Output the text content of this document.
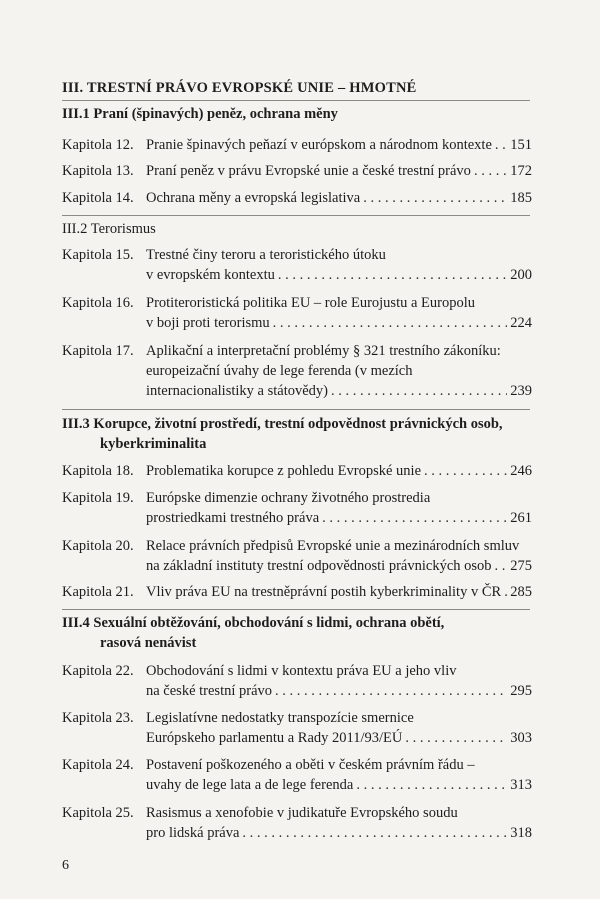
III. TRESTNÍ PRÁVO EVROPSKÉ UNIE – HMOTNÉ
III.1 Praní (špinavých) peněz, ochrana měny
Kapitola 12. Pranie špinavých peňazí v európskom a národnom kontexte . . . 151
Kapitola 13. Praní peněz v právu Evropské unie a české trestní právo . . .	172
Kapitola 14. Ochrana měny a evropská legislativa . . .	185
III.2 Terorismus
Kapitola 15. Trestné činy teroru a teroristického útoku
v evropském kontextu . . .	200
Kapitola 16. Protiteroristická politika EU – role Eurojustu a Europolu
v boji proti terorismu . . .	224
Kapitola 17. Aplikační a interpretační problémy § 321 trestního zákoníku:
europeizační úvahy de lege ferenda (v mezích
internacionalistiky a státovědy) . . .	239
III.3 Korupce, životní prostředí, trestní odpovědnost právnických osob,
kyberkriminalita
Kapitola 18. Problematika korupce z pohledu Evropské unie . . .	246
Kapitola 19. Európske dimenzie ochrany životného prostredia
prostriedkami trestného práva . . .	261
Kapitola 20. Relace právních předpisů Evropské unie a mezinárodních smluv
na základní instituty trestní odpovědnosti právnických osob . . . 275
Kapitola 21. Vliv práva EU na trestněprávní postih kyberkriminality v ČR . . . 285
III.4 Sexuální obtěžování, obchodování s lidmi, ochrana obětí,
rasová nenávist
Kapitola 22. Obchodování s lidmi v kontextu práva EU a jeho vliv
na české trestní právo . . .	295
Kapitola 23. Legislatívne nedostatky transpozície smernice
Európskeho parlamentu a Rady 2011/93/EÚ . . .	303
Kapitola 24. Postavení poškozeného a oběti v českém právním řádu –
uvahy de lege lata a de lege ferenda . . .	313
Kapitola 25. Rasismus a xenofobie v judikatuře Evropského soudu
pro lidská práva . . .	318
6
